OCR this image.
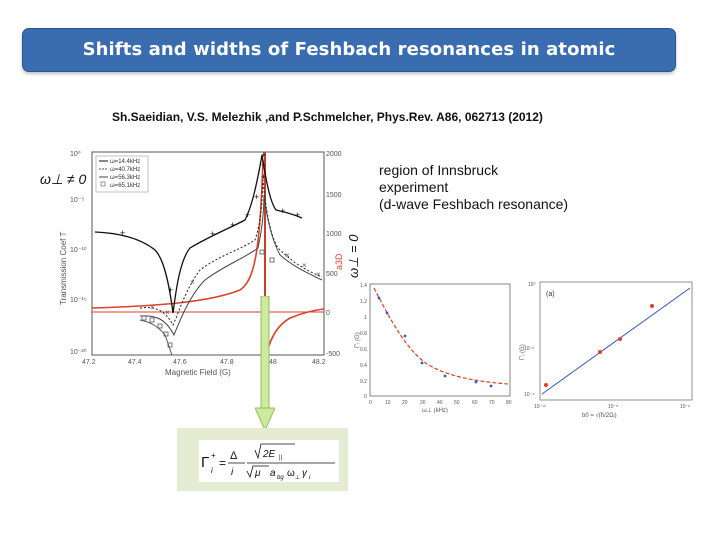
Shifts and widths of Feshbach resonances in atomic waveguides
Sh.Saeidian, V.S. Melezhik ,and P.Schmelcher, Phys.Rev. A86, 062713 (2012)
+
+
+
+
+
+
+
+
+
+ +
×
×
×
×
×
×
ω=14.4kHz
ω=40.7kHz
ω=56.3kHz
ω=65.1kHz
10⁰
10⁻⁵
10⁻¹⁰
10⁻¹⁵
10⁻²⁰
2000
1500
1000
500
0
-500
47.2	47.4	47.6	47.8	48	48.2
Magnetic Field (G)
Transmission Coef T	a3D ω⊥ = 0
ω⊥ ≠ 0
region of Innsbruck
experiment
(d-wave Feshbach resonance)
1.4
1.2
1
0.8
0.6
0.4
0.2
0
0	10 20 30 40 50 60 70 80
Γ'ᵢ (G)
ω⊥ (kHz)
(a)
10⁰
10⁻²
10⁻⁴
10⁻¹²	10⁻⁸	10⁻⁶
Γ'ᵢ (G)
b0 = √(ħ/2Ωⱼ)
Γ +
i
= Δ
i
2E ||
μ a bg ω ⊥ γ i
